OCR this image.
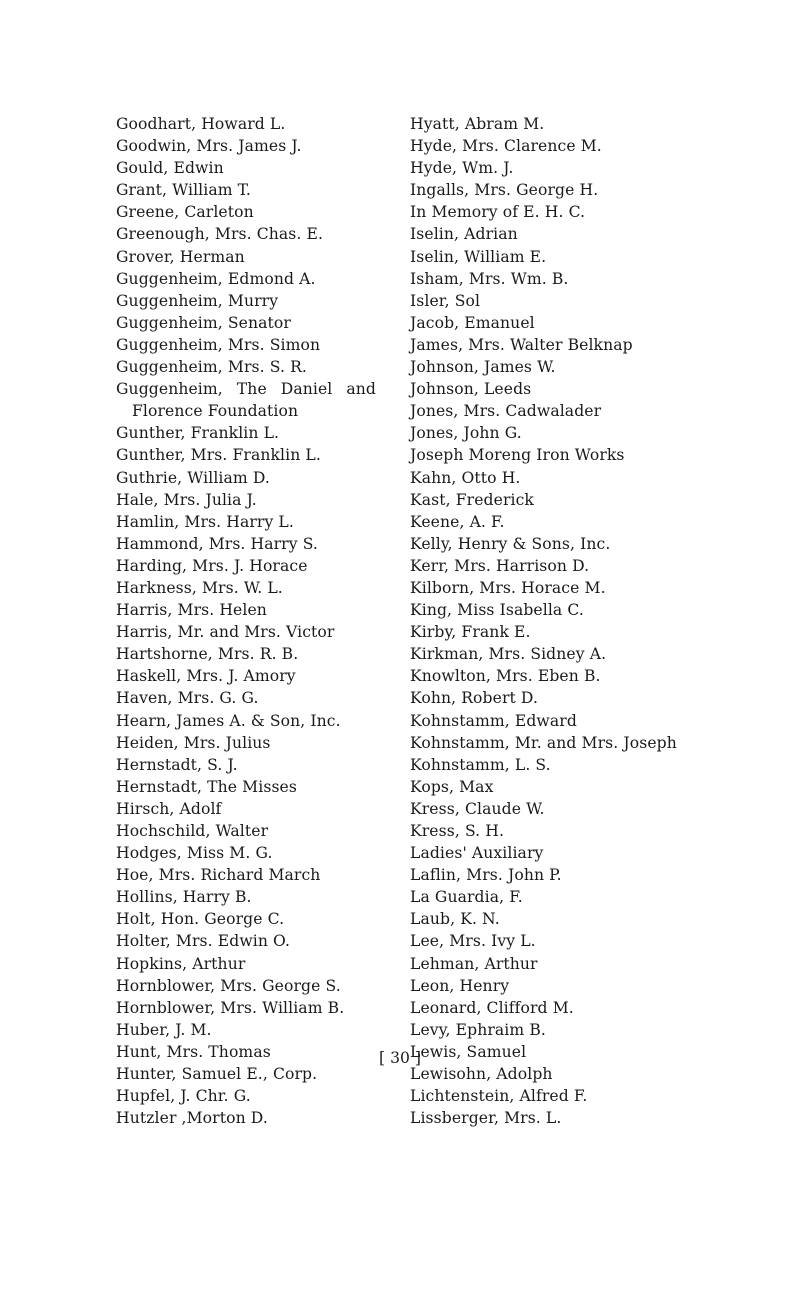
Goodhart, Howard L.
Goodwin, Mrs. James J.
Gould, Edwin
Grant, William T.
Greene, Carleton
Greenough, Mrs. Chas. E.
Grover, Herman
Guggenheim, Edmond A.
Guggenheim, Murry
Guggenheim, Senator
Guggenheim, Mrs. Simon
Guggenheim, Mrs. S. R.
Guggenheim, The Daniel and
Florence Foundation
Gunther, Franklin L.
Gunther, Mrs. Franklin L.
Guthrie, William D.
Hale, Mrs. Julia J.
Hamlin, Mrs. Harry L.
Hammond, Mrs. Harry S.
Harding, Mrs. J. Horace
Harkness, Mrs. W. L.
Harris, Mrs. Helen
Harris, Mr. and Mrs. Victor
Hartshorne, Mrs. R. B.
Haskell, Mrs. J. Amory
Haven, Mrs. G. G.
Hearn, James A. & Son, Inc.
Heiden, Mrs. Julius
Hernstadt, S. J.
Hernstadt, The Misses
Hirsch, Adolf
Hochschild, Walter
Hodges, Miss M. G.
Hoe, Mrs. Richard March
Hollins, Harry B.
Holt, Hon. George C.
Holter, Mrs. Edwin O.
Hopkins, Arthur
Hornblower, Mrs. George S.
Hornblower, Mrs. William B.
Huber, J. M.
Hunt, Mrs. Thomas
Hunter, Samuel E., Corp.
Hupfel, J. Chr. G.
Hutzler ,Morton D.
Hyatt, Abram M.
Hyde, Mrs. Clarence M.
Hyde, Wm. J.
Ingalls, Mrs. George H.
In Memory of E. H. C.
Iselin, Adrian
Iselin, William E.
Isham, Mrs. Wm. B.
Isler, Sol
Jacob, Emanuel
James, Mrs. Walter Belknap
Johnson, James W.
Johnson, Leeds
Jones, Mrs. Cadwalader
Jones, John G.
Joseph Moreng Iron Works
Kahn, Otto H.
Kast, Frederick
Keene, A. F.
Kelly, Henry & Sons, Inc.
Kerr, Mrs. Harrison D.
Kilborn, Mrs. Horace M.
King, Miss Isabella C.
Kirby, Frank E.
Kirkman, Mrs. Sidney A.
Knowlton, Mrs. Eben B.
Kohn, Robert D.
Kohnstamm, Edward
Kohnstamm, Mr. and Mrs. Joseph
Kohnstamm, L. S.
Kops, Max
Kress, Claude W.
Kress, S. H.
Ladies' Auxiliary
Laflin, Mrs. John P.
La Guardia, F.
Laub, K. N.
Lee, Mrs. Ivy L.
Lehman, Arthur
Leon, Henry
Leonard, Clifford M.
Levy, Ephraim B.
Lewis, Samuel
Lewisohn, Adolph
Lichtenstein, Alfred F.
Lissberger, Mrs. L.
[ 30 ]
